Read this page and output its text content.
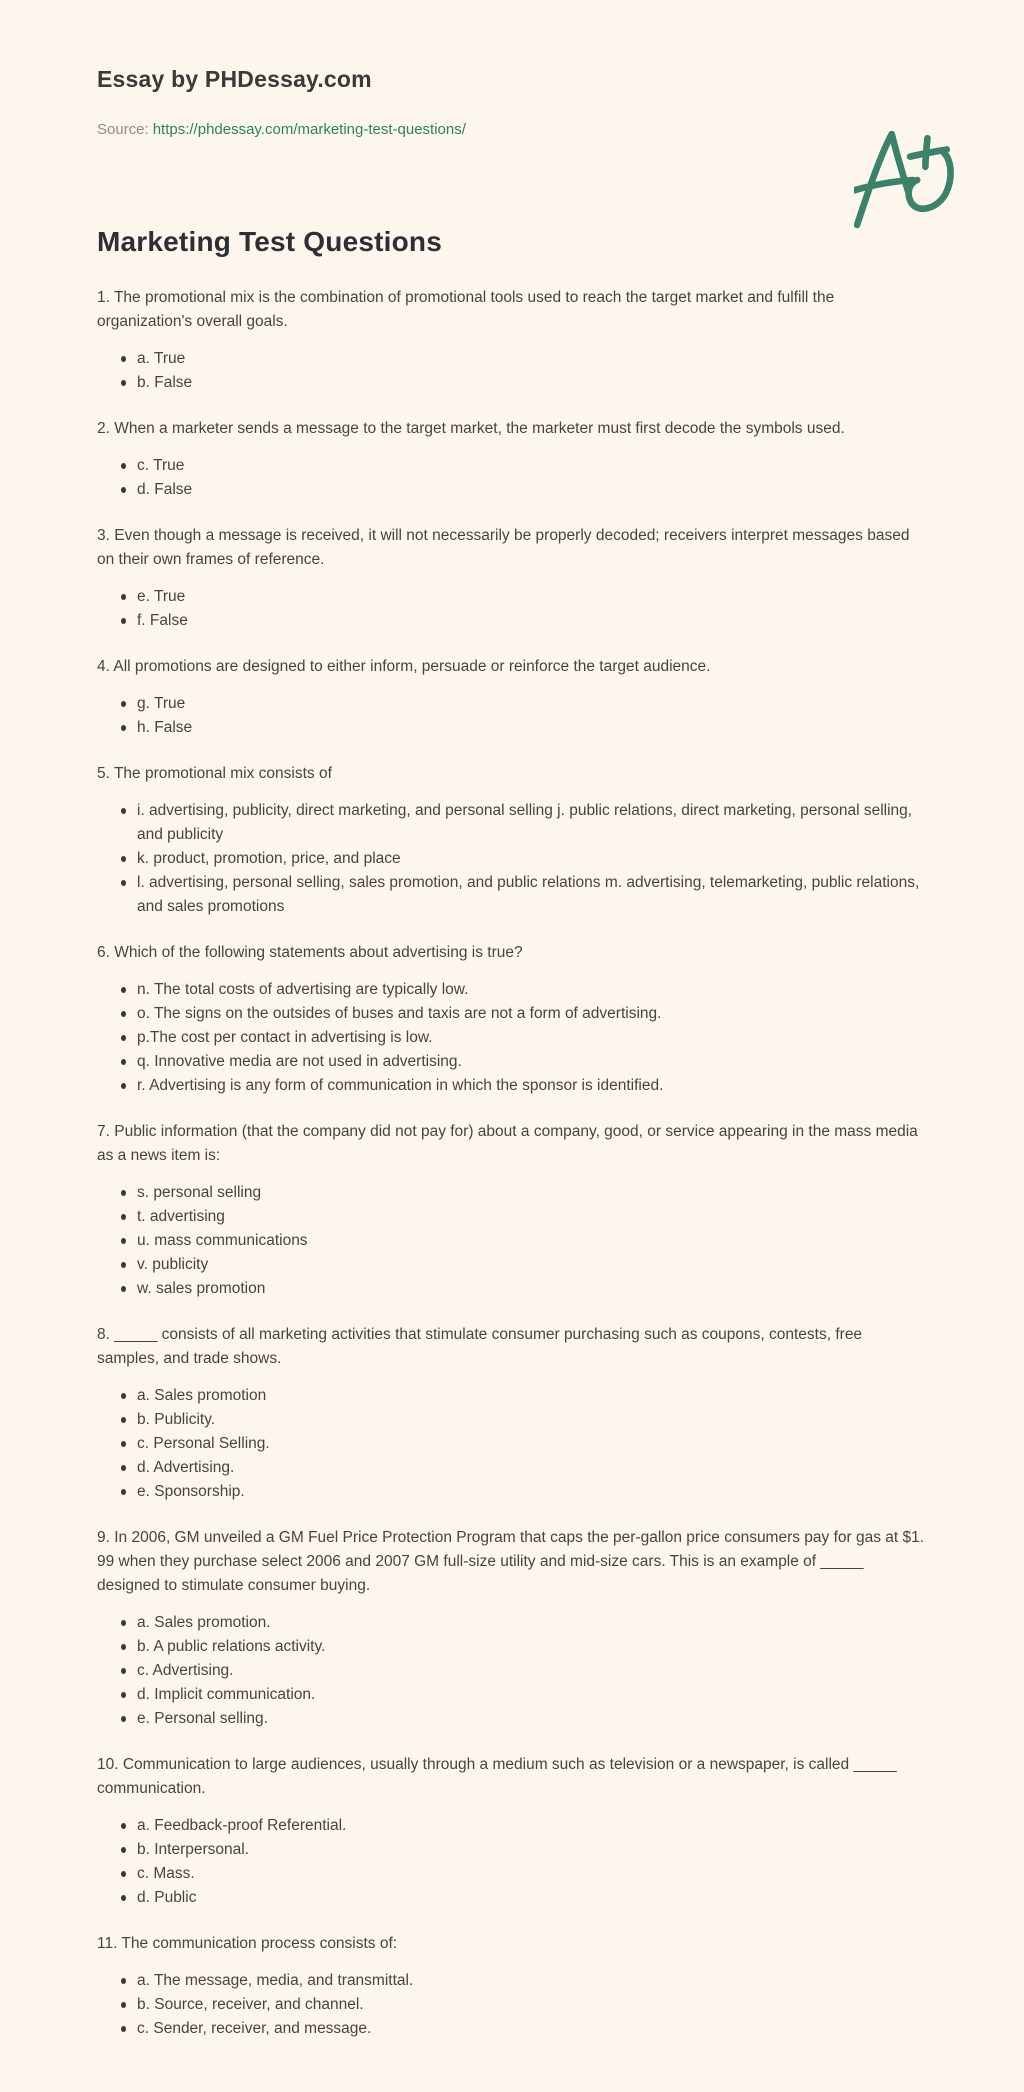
Essay by PHDessay.com

Source: https://phdessay.com/marketing-test-questions/

Marketing Test Questions

1. The promotional mix is the combination of promotional tools used to reach the target market and fulfill the organization's overall goals.

a. True
b. False

2. When a marketer sends a message to the target market, the marketer must first decode the symbols used.

c. True
d. False

3. Even though a message is received, it will not necessarily be properly decoded; receivers interpret messages based on their own frames of reference.

e. True
f. False

4. All promotions are designed to either inform, persuade or reinforce the target audience.

g. True
h. False

5. The promotional mix consists of

i. advertising, publicity, direct marketing, and personal selling j. public relations, direct marketing, personal selling, and publicity
k. product, promotion, price, and place
l. advertising, personal selling, sales promotion, and public relations m. advertising, telemarketing, public relations, and sales promotions

6. Which of the following statements about advertising is true?

n. The total costs of advertising are typically low.
o. The signs on the outsides of buses and taxis are not a form of advertising.
p.The cost per contact in advertising is low.
q. Innovative media are not used in advertising.
r. Advertising is any form of communication in which the sponsor is identified.

7. Public information (that the company did not pay for) about a company, good, or service appearing in the mass media as a news item is:

s. personal selling
t. advertising
u. mass communications
v. publicity
w. sales promotion

8. _____ consists of all marketing activities that stimulate consumer purchasing such as coupons, contests, free samples, and trade shows.

a. Sales promotion
b. Publicity.
c. Personal Selling.
d. Advertising.
e. Sponsorship.

9. In 2006, GM unveiled a GM Fuel Price Protection Program that caps the per-gallon price consumers pay for gas at $1. 99 when they purchase select 2006 and 2007 GM full-size utility and mid-size cars. This is an example of _____ designed to stimulate consumer buying.

a. Sales promotion.
b. A public relations activity.
c. Advertising.
d. Implicit communication.
e. Personal selling.

10. Communication to large audiences, usually through a medium such as television or a newspaper, is called _____ communication.

a. Feedback-proof Referential.
b. Interpersonal.
c. Mass.
d. Public

11. The communication process consists of:

a. The message, media, and transmittal.
b. Source, receiver, and channel.
c. Sender, receiver, and message.
